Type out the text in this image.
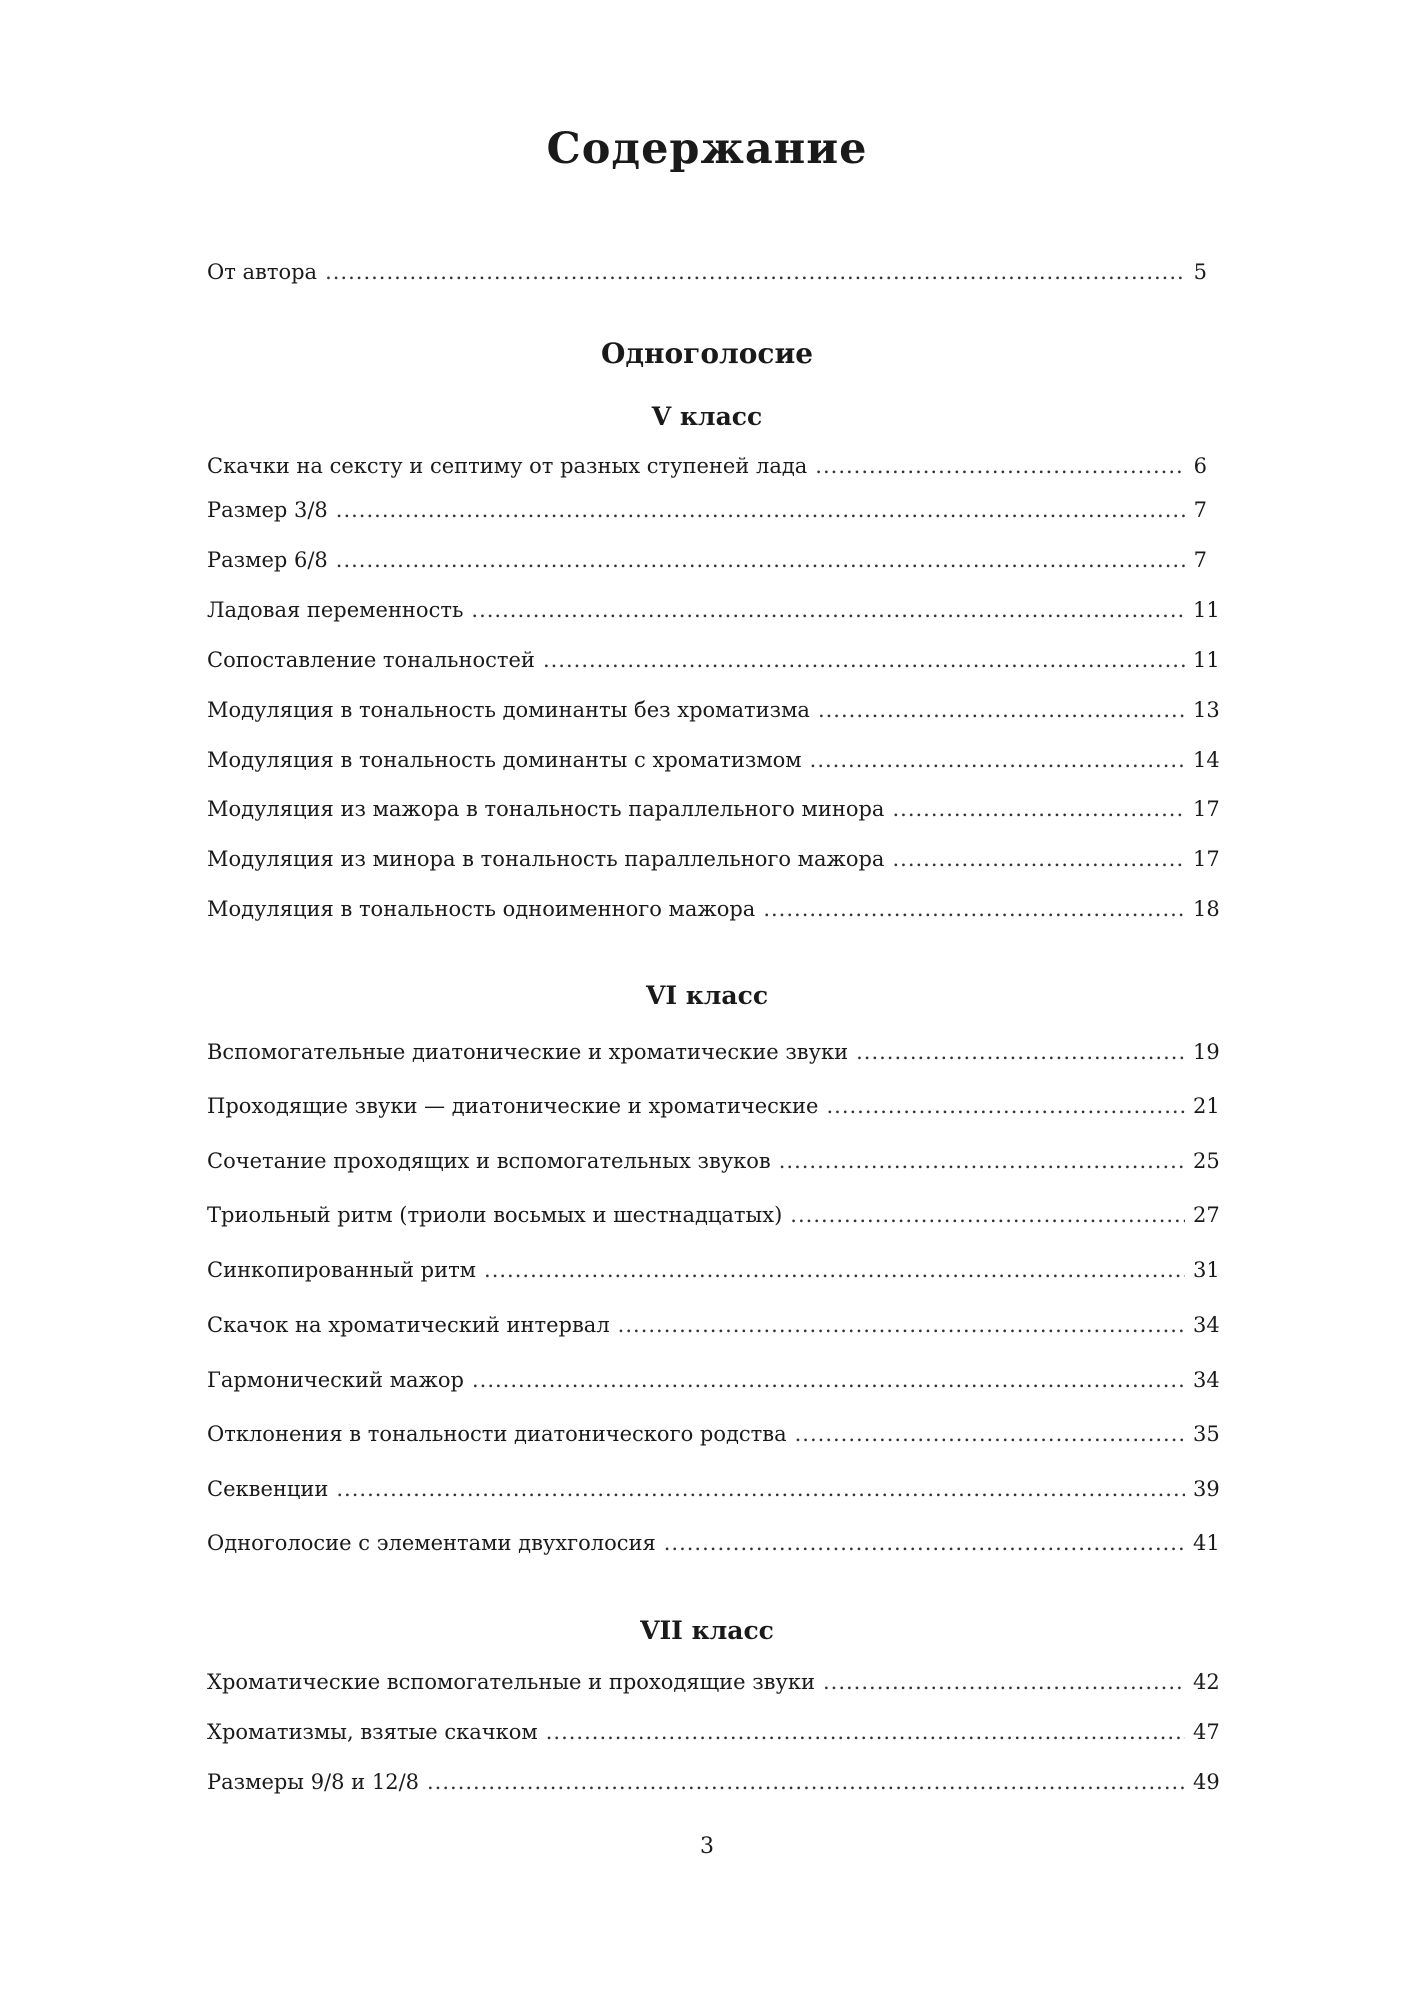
Содержание
От автора .....	5
Одноголосие
V класс
Скачки на сексту и септиму от разных ступеней лада .....	6
Размер 3/8 .....	7
Размер 6/8 .....	7
Ладовая переменность .....	11
Сопоставление тональностей .....	11
Модуляция в тональность доминанты без хроматизма .....	13
Модуляция в тональность доминанты с хроматизмом .....	14
Модуляция из мажора в тональность параллельного минора .....	17
Модуляция из минора в тональность параллельного мажора .....	17
Модуляция в тональность одноименного мажора .....	18
VI класс
Вспомогательные диатонические и хроматические звуки .....	19
Проходящие звуки — диатонические и хроматические .....	21
Сочетание проходящих и вспомогательных звуков .....	25
Триольный ритм (триоли восьмых и шестнадцатых) .....	27
Синкопированный ритм .....	31
Скачок на хроматический интервал .....	34
Гармонический мажор .....	34
Отклонения в тональности диатонического родства .....	35
Секвенции .....	39
Одноголосие с элементами двухголосия .....	41
VII класс
Хроматические вспомогательные и проходящие звуки .....	42
Хроматизмы, взятые скачком .....	47
Размеры 9/8 и 12/8 .....	49
3
